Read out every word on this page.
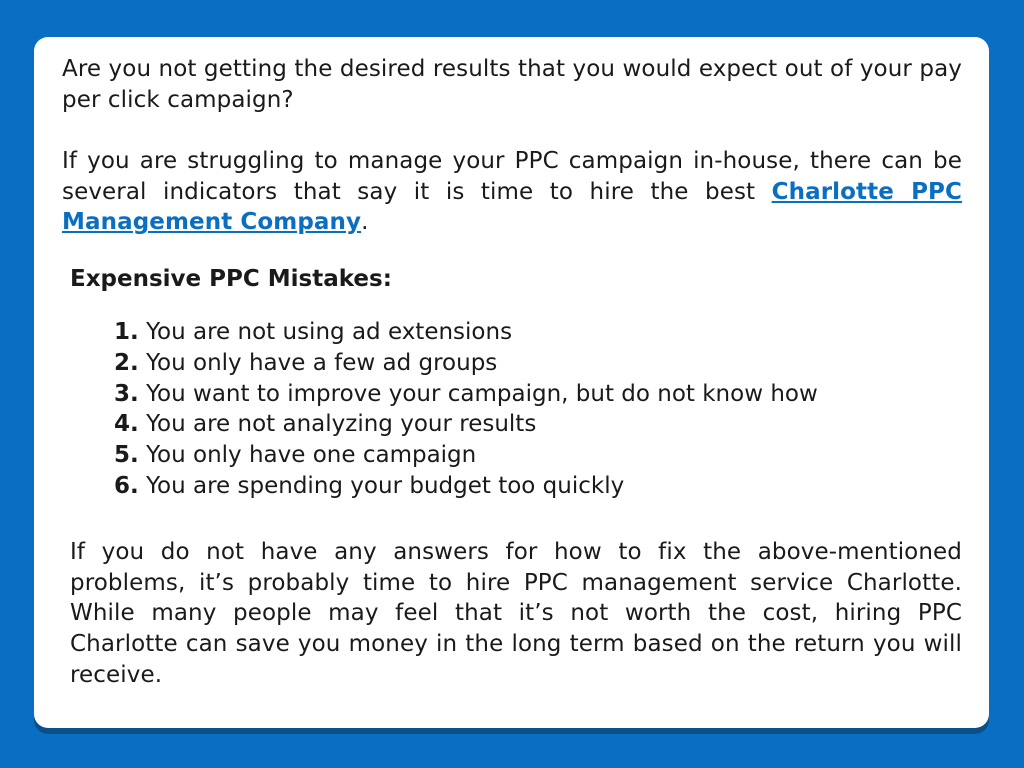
Are you not getting the desired results that you would expect out of your pay per click campaign?

If you are struggling to manage your PPC campaign in-house, there can be several indicators that say it is time to hire the best Charlotte PPC Management Company.

Expensive PPC Mistakes:
1. You are not using ad extensions
2. You only have a few ad groups
3. You want to improve your campaign, but do not know how
4. You are not analyzing your results
5. You only have one campaign
6. You are spending your budget too quickly

If you do not have any answers for how to fix the above-mentioned problems, it’s probably time to hire PPC management service Charlotte. While many people may feel that it’s not worth the cost, hiring PPC Charlotte can save you money in the long term based on the return you will receive.
